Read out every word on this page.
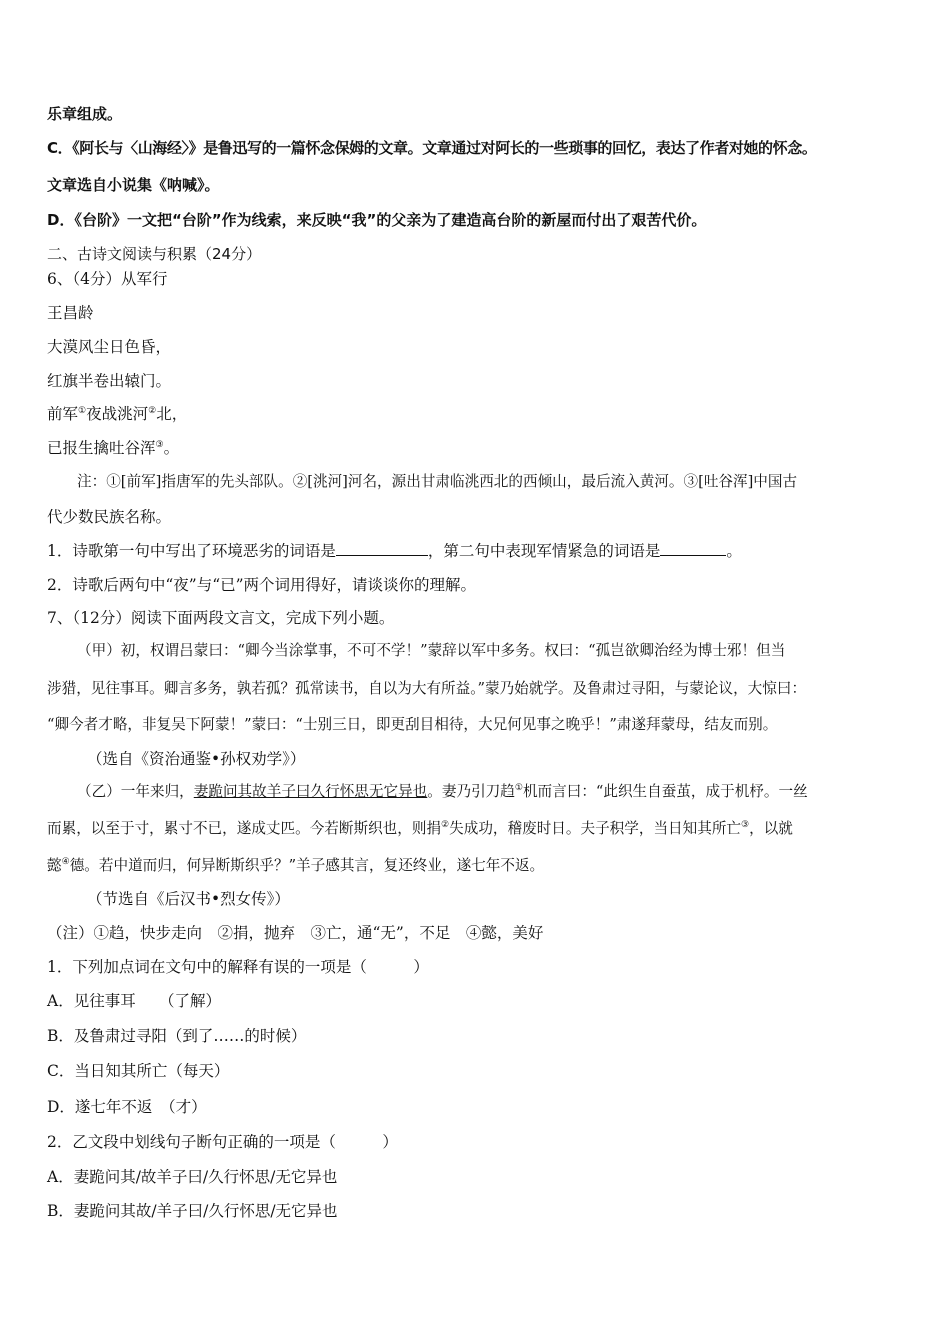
乐章组成。
C．《阿长与〈山海经〉》是鲁迅写的一篇怀念保姆的文章。文章通过对阿长的一些琐事的回忆，表达了作者对她的怀念。
文章选自小说集《呐喊》。
D．《台阶》一文把“台阶”作为线索，来反映“我”的父亲为了建造高台阶的新屋而付出了艰苦代价。
二、古诗文阅读与积累（24分）
6、（4分）从军行
王昌龄
大漠风尘日色昏，
红旗半卷出辕门。
前军①夜战洮河②北，
已报生擒吐谷浑③。
注：①[前军]指唐军的先头部队。②[洮河]河名，源出甘肃临洮西北的西倾山，最后流入黄河。③[吐谷浑]中国古
代少数民族名称。
1．诗歌第一句中写出了环境恶劣的词语是	，第二句中表现军情紧急的词语是	。
2．诗歌后两句中“夜”与“已”两个词用得好，请谈谈你的理解。
7、（12分）阅读下面两段文言文，完成下列小题。
（甲）初，权谓吕蒙曰：“卿今当涂掌事，不可不学！”蒙辞以军中多务。权曰：“孤岂欲卿治经为博士邪！但当
涉猎，见往事耳。卿言多务，孰若孤？孤常读书，自以为大有所益。”蒙乃始就学。及鲁肃过寻阳，与蒙论议，大惊曰：
“卿今者才略，非复吴下阿蒙！”蒙曰：“士别三日，即更刮目相待，大兄何见事之晚乎！”肃遂拜蒙母，结友而别。
（选自《资治通鉴•孙权劝学》）
（乙）一年来归，妻跪问其故羊子曰久行怀思无它异也。妻乃引刀趋①机而言曰：“此织生自蚕茧，成于机杼。一丝
而累，以至于寸，累寸不已，遂成丈匹。今若断斯织也，则捐②失成功，稽废时日。夫子积学，当日知其所亡③，以就
懿④德。若中道而归，何异断斯织乎？”羊子感其言，复还终业，遂七年不返。
（节选自《后汉书•烈女传》）
（注）①趋，快步走向　②捐，抛弃　③亡，通“无”，不足　④懿，美好
1．下列加点词在文句中的解释有误的一项是（　　　）
A．见往事耳　　（了解）
B．及鲁肃过寻阳（到了……的时候）
C．当日知其所亡（每天）
D．遂七年不返　（才）
2．乙文段中划线句子断句正确的一项是（　　　）
A．妻跪问其/故羊子曰/久行怀思/无它异也
B．妻跪问其故/羊子曰/久行怀思/无它异也
